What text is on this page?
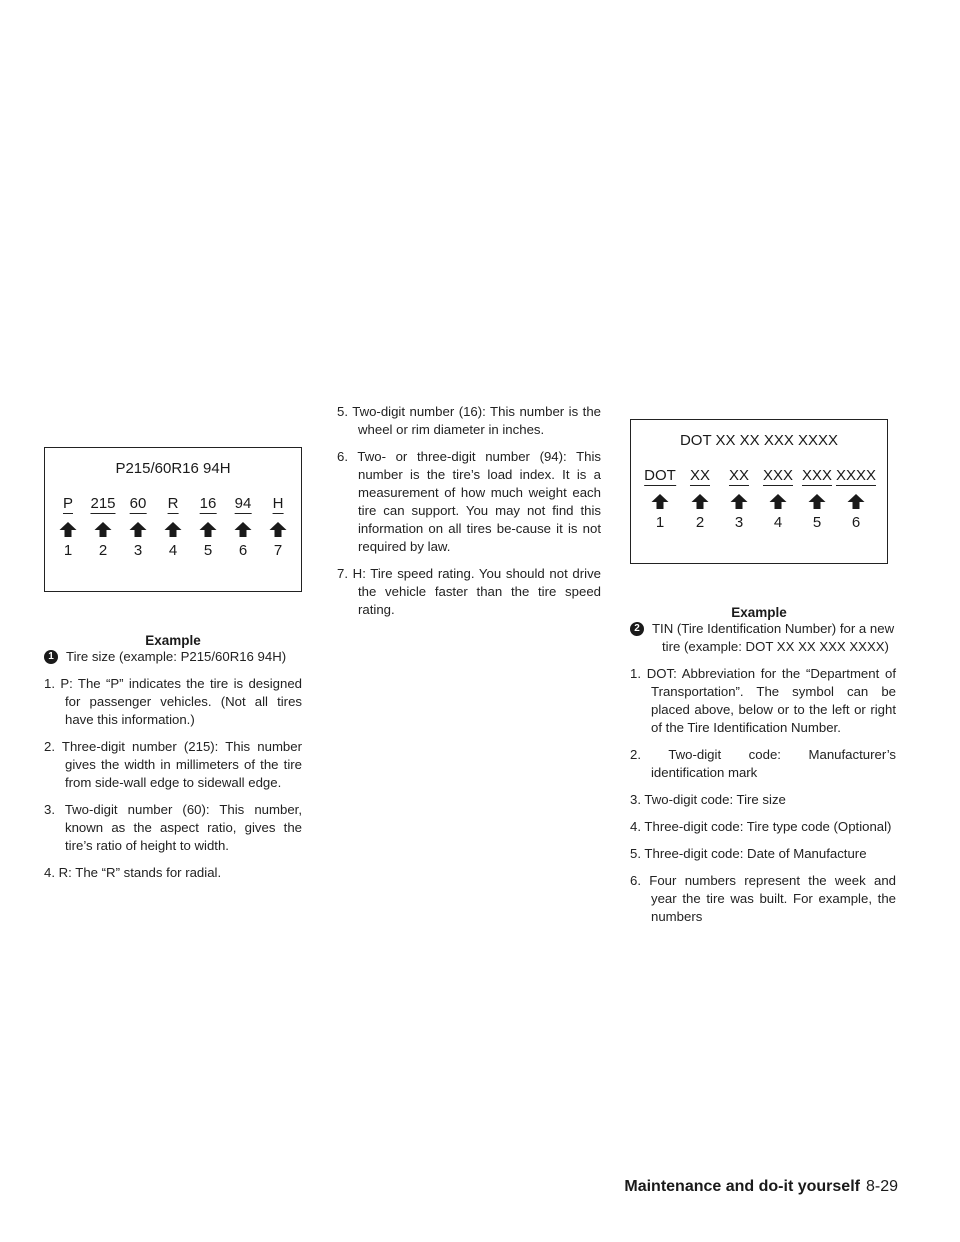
P215/60R16 94H
P
1
215
2
60
3
R
4
16
5
94
6
H
7
Example
DOT XX XX XXX XXXX
DOT
1
XX
2
XX
3
XXX
4
XXX
5
XXXX
6
Example
1 Tire size (example: P215/60R16 94H)
1. P: The “P” indicates the tire is designed for passenger vehicles. (Not all tires have this information.)
2. Three-digit number (215): This number gives the width in millimeters of the tire from side-wall edge to sidewall edge.
3. Two-digit number (60): This number, known as the aspect ratio, gives the tire’s ratio of height to width.
4. R: The “R” stands for radial.
5. Two-digit number (16): This number is the wheel or rim diameter in inches.
6. Two- or three-digit number (94): This number is the tire’s load index. It is a measurement of how much weight each tire can support. You may not find this information on all tires be-cause it is not required by law.
7. H: Tire speed rating. You should not drive the vehicle faster than the tire speed rating.
2 TIN (Tire Identification Number) for a new
tire (example: DOT XX XX XXX XXXX)
1. DOT: Abbreviation for the “Department of Transportation”. The symbol can be placed above, below or to the left or right of the Tire Identification Number.
2. Two-digit code: Manufacturer’s identification mark
3. Two-digit code: Tire size
4. Three-digit code: Tire type code (Optional)
5. Three-digit code: Date of Manufacture
6. Four numbers represent the week and year the tire was built. For example, the numbers
Maintenance and do-it yourself 8-29
